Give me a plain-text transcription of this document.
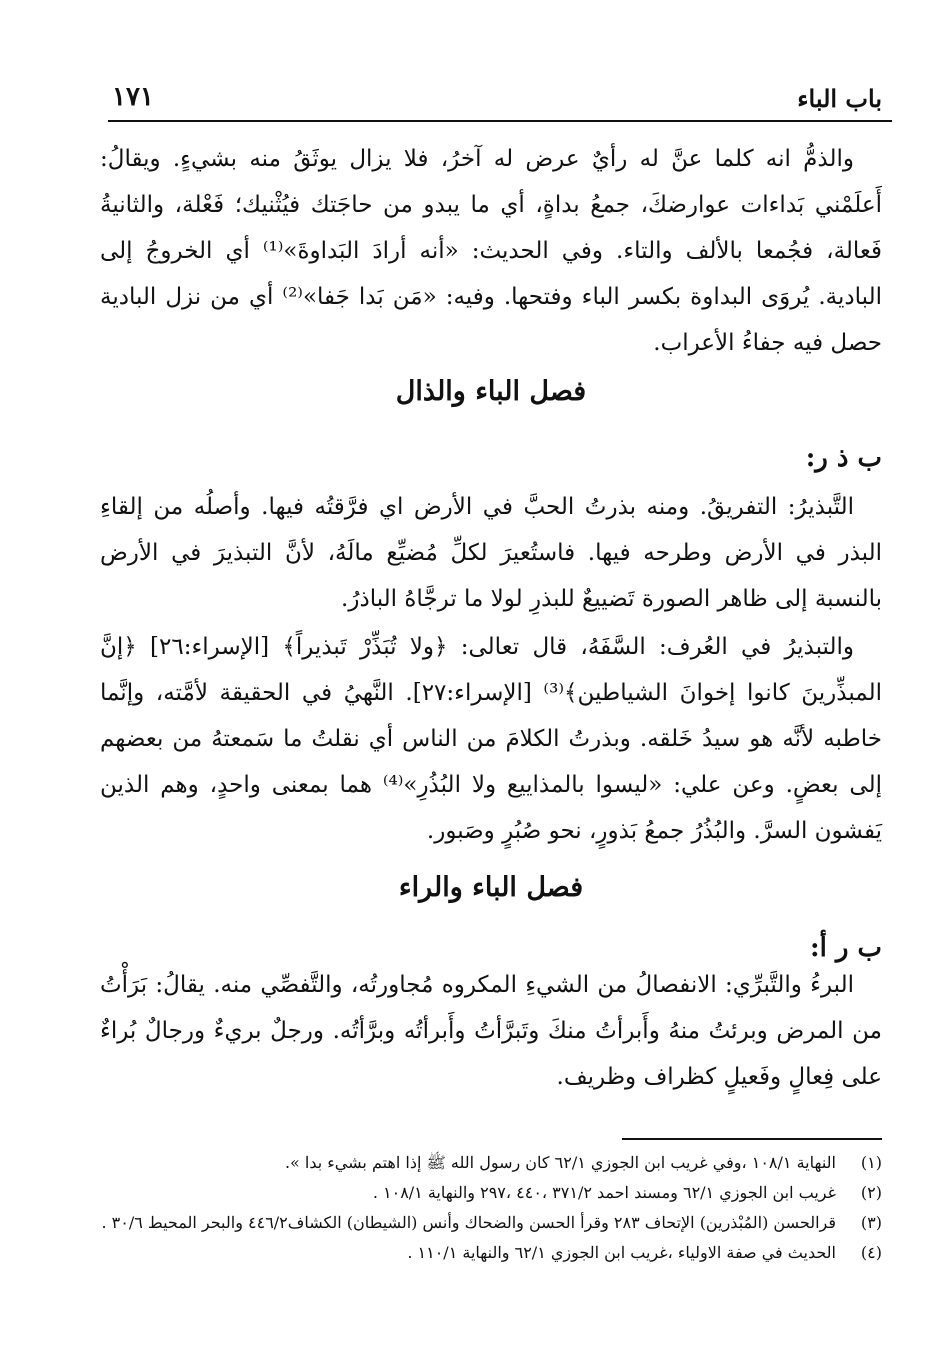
باب الباء
١٧١

والذمُّ انه كلما عنَّ له رأيٌ عرض له آخرُ، فلا يزال يوثَقُ منه بشيءٍ. ويقالُ: أَعلَمْني بَداءات عوارضكَ، جمعُ بداةٍ، أي ما يبدو من حاجَتك فيُثْنيك؛ فَعْلة، والثانيةُ فَعالة، فجُمعا بالألف والتاء. وفي الحديث: «أنه أرادَ البَداوةَ»⁽¹⁾ أي الخروجُ إلى البادية. يُروَى البداوة بكسر الباء وفتحها. وفيه: «مَن بَدا جَفا»⁽²⁾ أي من نزل البادية حصل فيه جفاءُ الأعراب.

فصل الباء والذال
ب ذ ر:

التَّبذيرُ: التفريقُ. ومنه بذرتُ الحبَّ في الأرض اي فرَّقتُه فيها. وأصلُه من إلقاءِ البذر في الأرض وطرحه فيها. فاستُعيرَ لكلِّ مُضيِّع مالَهُ، لأنَّ التبذيرَ في الأرض بالنسبة إلى ظاهر الصورة تَضييعٌ للبذرِ لولا ما ترجَّاهُ الباذرُ.

والتبذيرُ في العُرف: السَّفَهُ، قال تعالى: ﴿ولا تُبَذِّرْ تَبذيراً﴾ [الإسراء:٢٦] ﴿إنَّ المبذِّرينَ كانوا إخوانَ الشياطين﴾⁽³⁾ [الإسراء:٢٧]. النَّهيُ في الحقيقة لأمَّته، وإنَّما خاطبه لأنَّه هو سيدُ خَلقه. وبذرتُ الكلامَ من الناس أي نقلتُ ما سَمعتهُ من بعضهم إلى بعضٍ. وعن علي: «ليسوا بالمذاييع ولا البُذُرِ»⁽⁴⁾ هما بمعنى واحدٍ، وهم الذين يَفشون السرَّ. والبُذُرُ جمعُ بَذورٍ، نحو صُبُرٍ وصَبور.

فصل الباء والراء
ب ر أ:

البرءُ والتَّبرِّي: الانفصالُ من الشيءِ المكروه مُجاورتُه، والتَّفصِّي منه. يقالُ: بَرَأْتُ من المرض وبرئتُ منهُ وأَبرأتُ منكَ وتَبرَّأتُ وأَبرأتُه وبرَّأتُه. ورجلٌ بريءٌ ورجالٌ بُراءٌ على فِعالٍ وفَعيلٍ كظراف وظريف.

(١)
النهاية ١٠٨/١ ،وفي غريب ابن الجوزي ٦٢/١ كان رسول الله ﷺ إذا اهتم بشيء بدا ».
(٢)
غريب ابن الجوزي ٦٢/١ ومسند احمد ٣٧١/٢ ،٤٤٠ ،٢٩٧ والنهاية ١٠٨/١ .
(٣)
قرالحسن (المُبْذرين) الإتحاف ٢٨٣ وقرأ الحسن والضحاك وأنس (الشيطان) الكشاف٤٤٦/٢ والبحر المحيط ٣٠/٦ .
(٤)
الحديث في صفة الاولياء ،غريب ابن الجوزي ٦٢/١ والنهاية ١١٠/١ .
